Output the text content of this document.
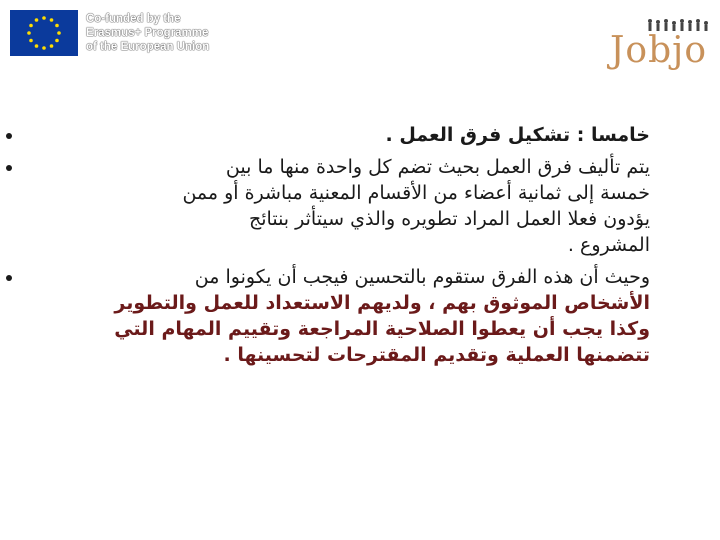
Co-funded by the
Erasmus+ Programme
of the European Union	Jobjo
خامسا : تشكيل فرق العمل .
يتم تأليف فرق العمل بحيث تضم كل واحدة منها ما بين
خمسة إلى ثمانية أعضاء من الأقسام المعنية مباشرة أو ممن
يؤدون فعلا العمل المراد تطويره والذي سيتأثر بنتائج
المشروع .
وحيث أن هذه الفرق ستقوم بالتحسين فيجب أن يكونوا من
الأشخاص الموثوق بهم ، ولديهم الاستعداد للعمل والتطوير
وكذا يجب أن يعطوا الصلاحية المراجعة وتقييم المهام التي
تتضمنها العملية وتقديم المقترحات لتحسينها .
